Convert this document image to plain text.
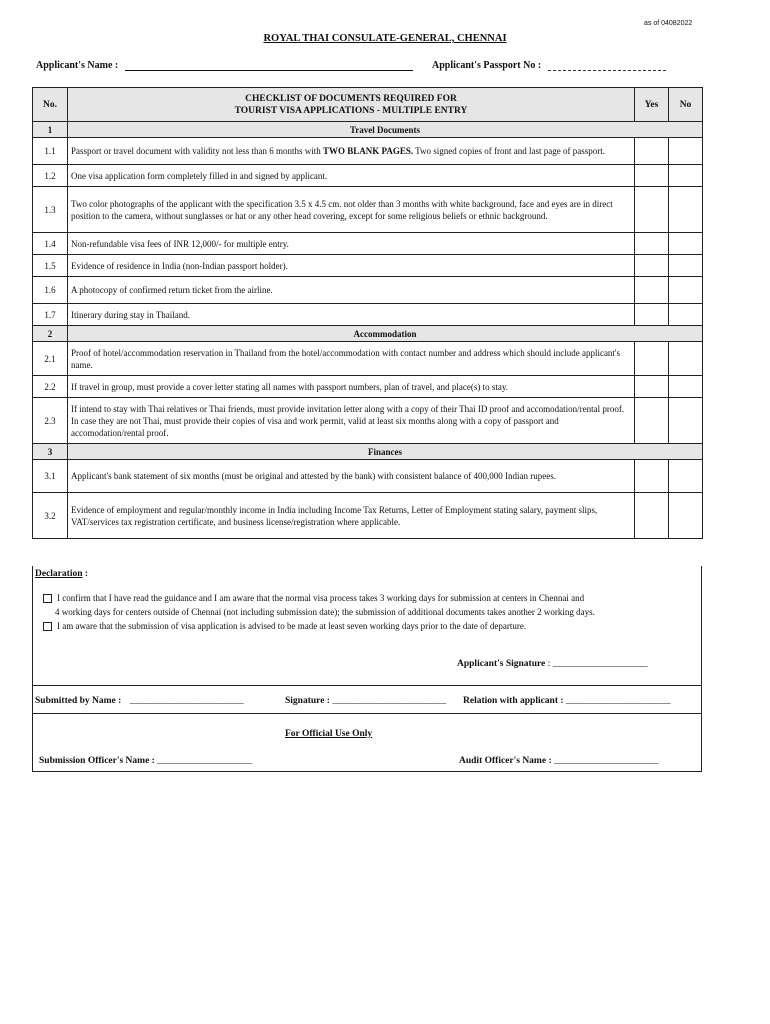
as of 04082022
ROYAL THAI CONSULATE-GENERAL, CHENNAI
Applicant's Name :	Applicant's Passport No :
No.	CHECKLIST OF DOCUMENTS REQUIRED FOR
TOURIST VISA APPLICATIONS - MULTIPLE ENTRY	Yes	No
1	Travel Documents		
1.1	Passport or travel document with validity not less than 6 months with TWO BLANK PAGES. Two signed copies of front and last page of passport.		
1.2	One visa application form completely filled in and signed by applicant.		
1.3	Two color photographs of the applicant with the specification 3.5 x 4.5 cm. not older than 3 months with white background, face and eyes are in direct position to the camera, without sunglasses or hat or any other head covering, except for some religious beliefs or ethnic background.		
1.4	Non-refundable visa fees of INR 12,000/- for multiple entry.		
1.5	Evidence of residence in India (non-Indian passport holder).		
1.6	A photocopy of confirmed return ticket from the airline.		
1.7	Itinerary during stay in Thailand.		
2	Accommodation		
2.1	Proof of hotel/accommodation reservation in Thailand from the hotel/accommodation with contact number and address which should include applicant's name.		
2.2	If travel in group, must provide a cover letter stating all names with passport numbers, plan of travel, and place(s) to stay.		
2.3	If intend to stay with Thai relatives or Thai friends, must provide invitation letter along with a copy of their Thai ID proof and accomodation/rental proof. In case they are not Thai, must provide their copies of visa and work permit, valid at least six months along with a copy of passport and accomodation/rental proof.		
3	Finances		
3.1	Applicant's bank statement of six months (must be original and attested by the bank) with consistent balance of 400,000 Indian rupees.		
3.2	Evidence of employment and regular/monthly income in India including Income Tax Returns, Letter of Employment stating salary, payment slips, VAT/services tax registration certificate, and business license/registration where applicable.		
Declaration :
I confirm that I have read the guidance and I am aware that the normal visa process takes 3 working days for submission at centers in Chennai and
4 working days for centers outside of Chennai (not including submission date); the submission of additional documents takes another 2 working days.
I am aware that the submission of visa application is advised to be made at least seven working days prior to the date of departure.
Applicant's Signature : ____________________
Submitted by Name : ________________________	Signature : ________________________ Relation with applicant : ______________________
For Official Use Only
Submission Officer's Name : ____________________	Audit Officer's Name : ______________________
